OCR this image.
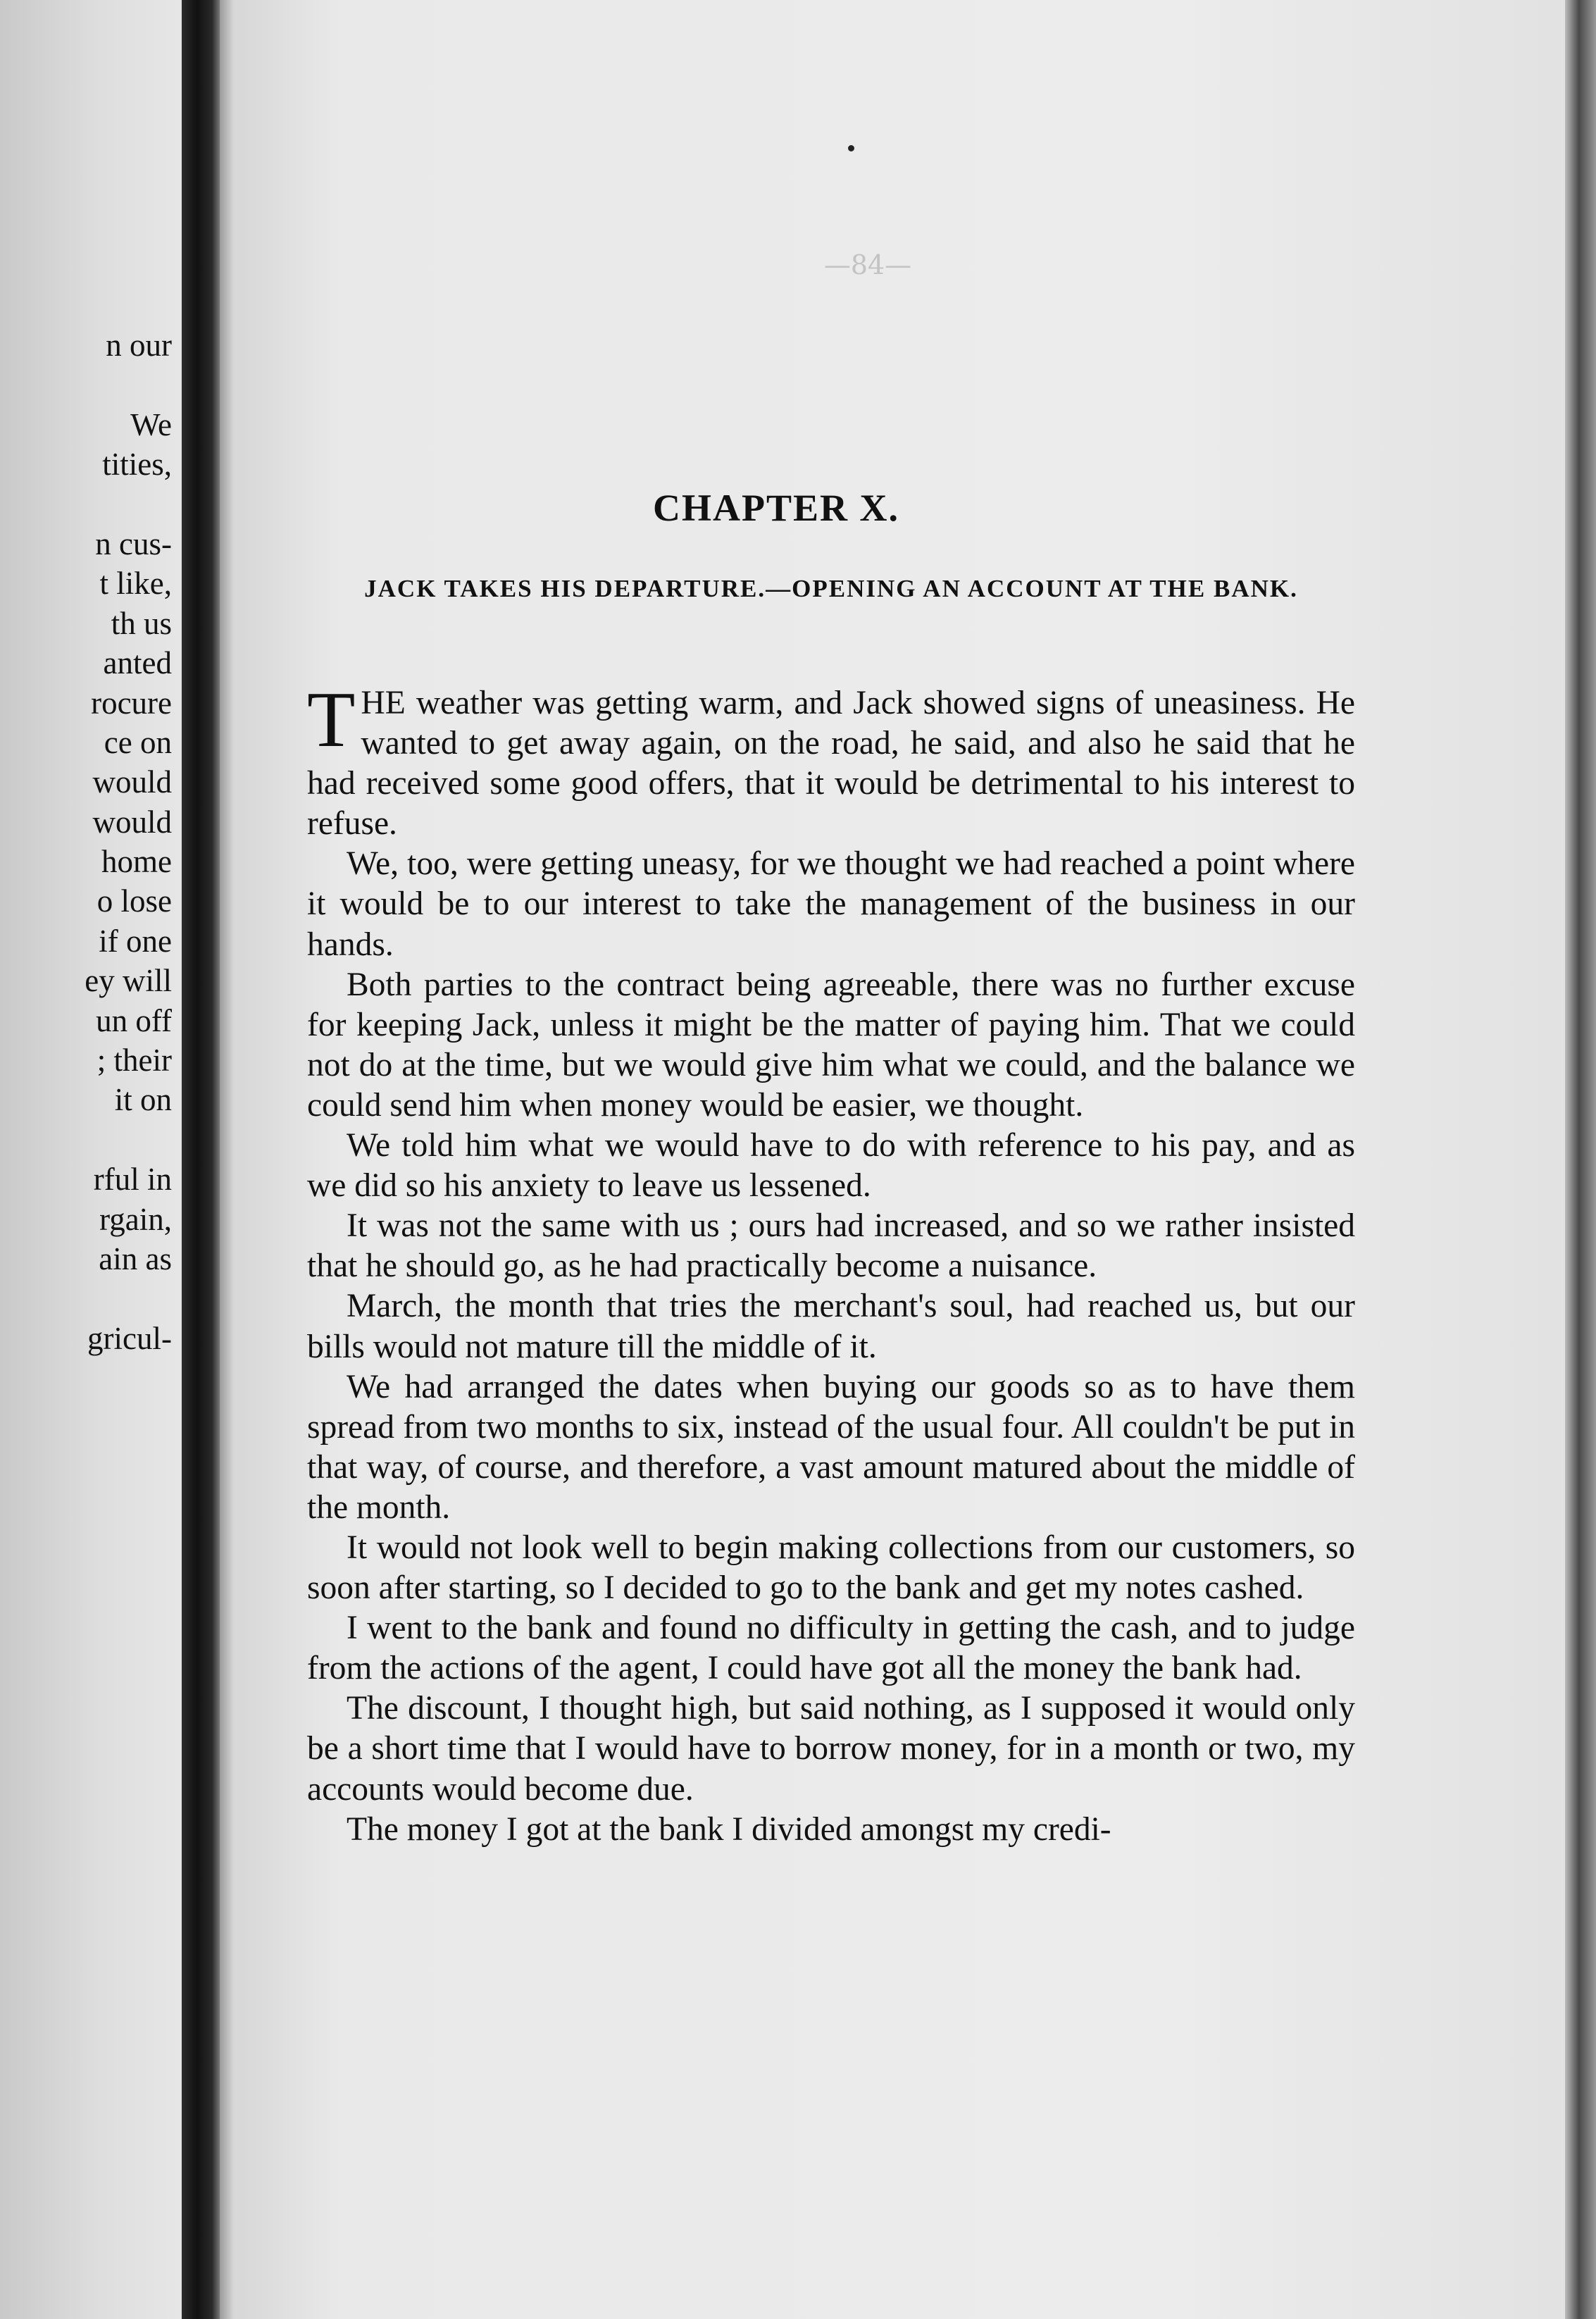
n our
We
tities,
n cus-
t like,
th us
anted
rocure
ce on
would
would
home
o lose
if one
ey will
un off
; their
it on
rful in
rgain,
ain as
gricul-
—84—
CHAPTER X.
JACK TAKES HIS DEPARTURE.—OPENING AN ACCOUNT AT THE BANK.

THE weather was getting warm, and Jack showed signs of uneasiness. He wanted to get away again, on the road, he said, and also he said that he had received some good offers, that it would be detrimental to his interest to refuse.

We, too, were getting uneasy, for we thought we had reached a point where it would be to our interest to take the management of the business in our hands.

Both parties to the contract being agreeable, there was no further excuse for keeping Jack, unless it might be the matter of paying him. That we could not do at the time, but we would give him what we could, and the balance we could send him when money would be easier, we thought.

We told him what we would have to do with reference to his pay, and as we did so his anxiety to leave us lessened.

It was not the same with us ; ours had increased, and so we rather insisted that he should go, as he had practically become a nuisance.

March, the month that tries the merchant's soul, had reached us, but our bills would not mature till the middle of it.

We had arranged the dates when buying our goods so as to have them spread from two months to six, instead of the usual four. All couldn't be put in that way, of course, and therefore, a vast amount matured about the middle of the month.

It would not look well to begin making collections from our customers, so soon after starting, so I decided to go to the bank and get my notes cashed.

I went to the bank and found no difficulty in getting the cash, and to judge from the actions of the agent, I could have got all the money the bank had.

The discount, I thought high, but said nothing, as I supposed it would only be a short time that I would have to borrow money, for in a month or two, my accounts would become due.

The money I got at the bank I divided amongst my credi-
